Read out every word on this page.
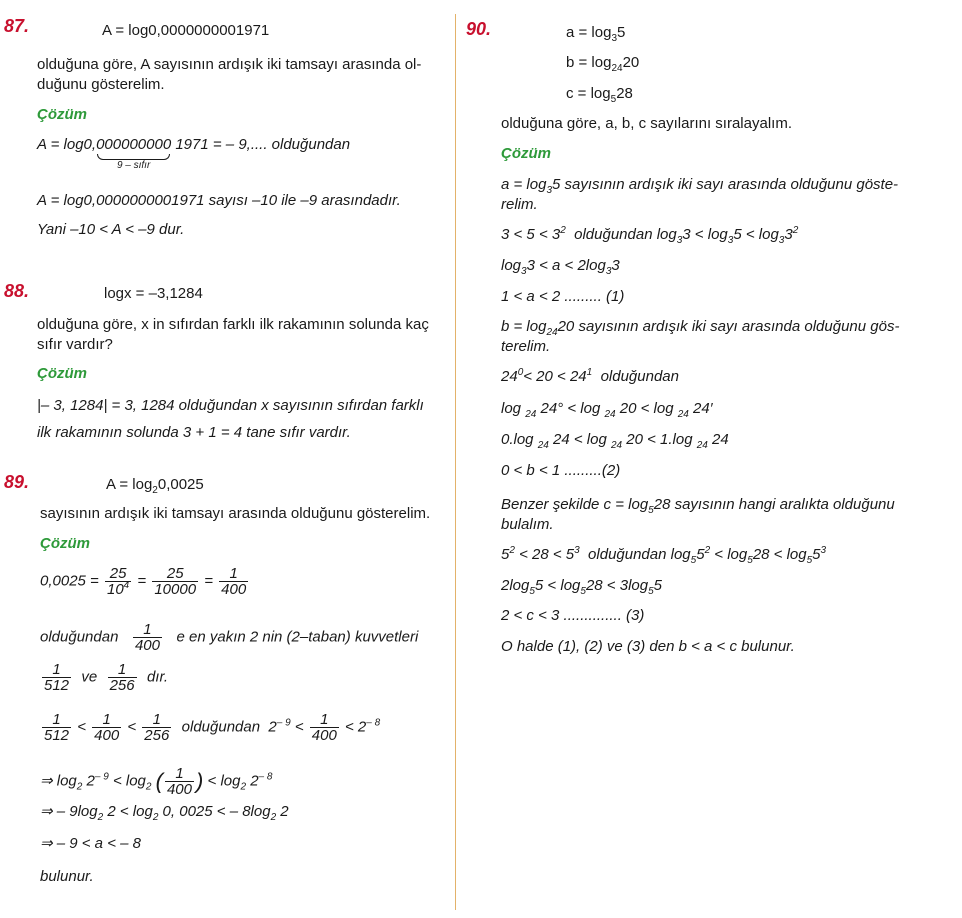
87.	A = log0,0000000001971
olduğuna göre, A sayısının ardışık iki tamsayı arasında ol-
duğunu gösterelim.
Çözüm
A = log0, 000000000
9 – sıfır
1971 = – 9,.... olduğundan
A = log0,0000000001971 sayısı –10 ile –9 arasındadır.
Yani –10 < A < –9 dur.
88.	logx = –3,1284
olduğuna göre, x in sıfırdan farklı ilk rakamının solunda kaç
sıfır vardır?
Çözüm
|– 3, 1284| = 3, 1284 olduğundan x sayısının sıfırdan farklı
ilk rakamının solunda 3 + 1 = 4 tane sıfır vardır.
89.	$A = \log_20,0025$
sayısının ardışık iki tamsayı arasında olduğunu gösterelim.
Çözüm
$0,0025 = \frac{25}{10^4} = \frac{25}{10000} = \frac{1}{400}$
olduğundan $\frac{1}{400}$ e en yakın 2 nin (2–taban) kuvvetleri
$\frac{1}{512}$ ve $\frac{1}{256}$ dır.
$\frac{1}{512} < \frac{1}{400} < \frac{1}{256}$ olduğundan $2^{- 9} < \frac{1}{400} < 2^{- 8}$
⇒ $\log_2 2^{- 9} < \log_2$ ( $\frac{1}{400}$ ) < $\log_2 2^{- 8}$
⇒ – $9\log_2$ $2 < \log_2 0$, 0025 < – $8\log_2$ 2
⇒ – 9 < a < – 8
bulunur.
90.	$a = \log_35$
$b = \log_{24}20$
$c = \log_528$
olduğuna göre, a, b, c sayılarını sıralayalım.
Çözüm
$a = \log_35$ sayısının ardışık iki sayı arasında olduğunu göste-
relim.
$3 < 5 < 3^2$ olduğundan $\log_33 < \log_35 < \log_33^2$
$\log_33 < a < 2\log_33$
1 < a < 2 ......... (1)
$b = \log_{24}20$ sayısının ardışık iki sayı arasında olduğunu gös-
terelim.
$24^0< 20 < 24^1$ olduğundan
log $_{24}$ 24° < log $_{24}$ 20 < log $_{24}$ 24′
0.log $_{24}$ 24 < log $_{24}$ 20 < 1.log $_{24}$ 24
0 < b < 1 .........(2)
Benzer şekilde $c = \log_528$ sayısının hangi aralıkta olduğunu
bulalım.
$5^2 < 28 < 5^3$ olduğundan $\log_55^2 < \log_528 < \log_55^3$
$2\log_55 < \log_528 < 3\log_55$
2 < c < 3 .............. (3)
O halde (1), (2) ve (3) den b < a < c bulunur.
